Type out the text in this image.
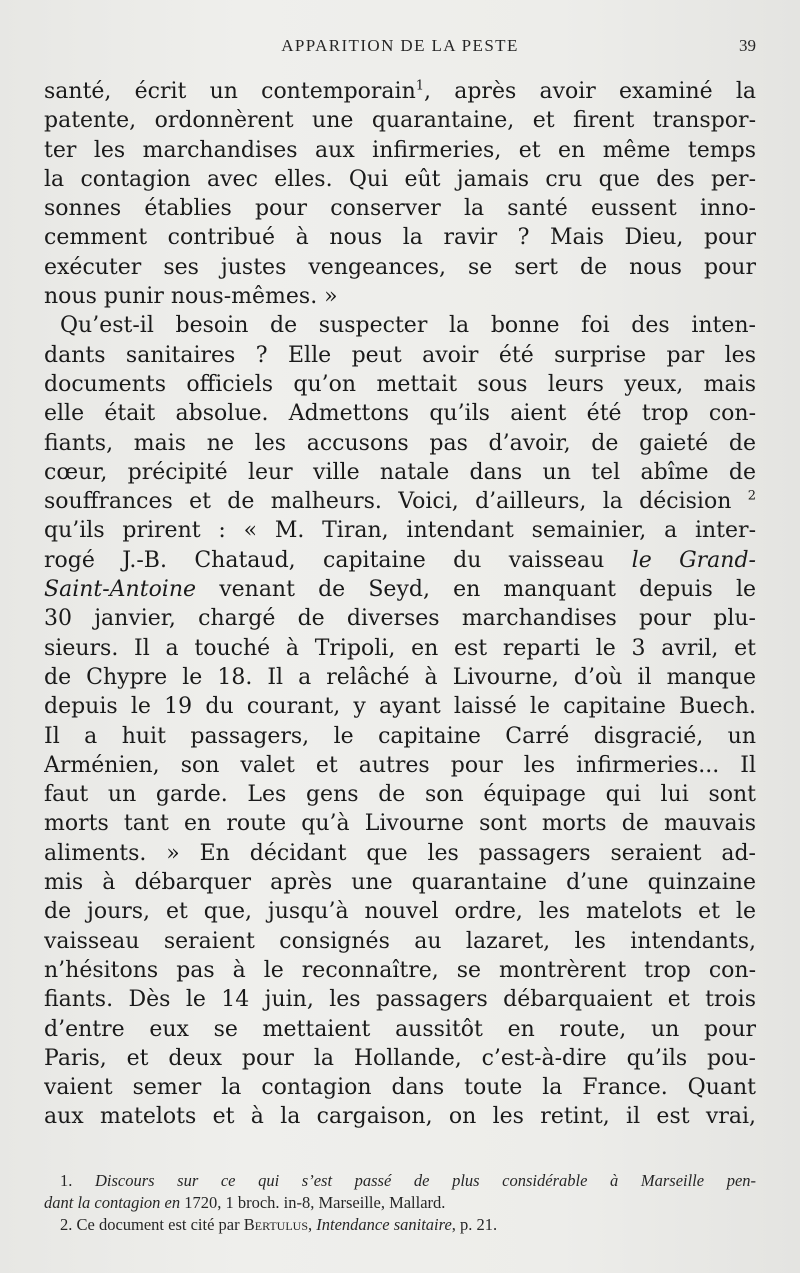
APPARITION DE LA PESTE	39
santé, écrit un contemporain$^1$, après avoir examiné la
patente, ordonnèrent une quarantaine, et firent transpor-
ter les marchandises aux infirmeries, et en même temps
la contagion avec elles. Qui eût jamais cru que des per-
sonnes établies pour conserver la santé eussent inno-
cemment contribué à nous la ravir ? Mais Dieu, pour
exécuter ses justes vengeances, se sert de nous pour
nous punir nous-mêmes. »
Qu’est-il besoin de suspecter la bonne foi des inten-
dants sanitaires ? Elle peut avoir été surprise par les
documents officiels qu’on mettait sous leurs yeux, mais
elle était absolue. Admettons qu’ils aient été trop con-
fiants, mais ne les accusons pas d’avoir, de gaieté de
cœur, précipité leur ville natale dans un tel abîme de
souffrances et de malheurs. Voici, d’ailleurs, la décision $^2$
qu’ils prirent : « M. Tiran, intendant semainier, a inter-
rogé J.-B. Chataud, capitaine du vaisseau le Grand-
Saint-Antoine venant de Seyd, en manquant depuis le
30 janvier, chargé de diverses marchandises pour plu-
sieurs. Il a touché à Tripoli, en est reparti le 3 avril, et
de Chypre le 18. Il a relâché à Livourne, d’où il manque
depuis le 19 du courant, y ayant laissé le capitaine Buech.
Il a huit passagers, le capitaine Carré disgracié, un
Arménien, son valet et autres pour les infirmeries... Il
faut un garde. Les gens de son équipage qui lui sont
morts tant en route qu’à Livourne sont morts de mauvais
aliments. » En décidant que les passagers seraient ad-
mis à débarquer après une quarantaine d’une quinzaine
de jours, et que, jusqu’à nouvel ordre, les matelots et le
vaisseau seraient consignés au lazaret, les intendants,
n’hésitons pas à le reconnaître, se montrèrent trop con-
fiants. Dès le 14 juin, les passagers débarquaient et trois
d’entre eux se mettaient aussitôt en route, un pour
Paris, et deux pour la Hollande, c’est-à-dire qu’ils pou-
vaient semer la contagion dans toute la France. Quant
aux matelots et à la cargaison, on les retint, il est vrai,
1. Discours sur ce qui s’est passé de plus considérable à Marseille pen-
dant la contagion en 1720, 1 broch. in-8, Marseille, Mallard.
2. Ce document est cité par Bertulus, Intendance sanitaire, p. 21.
